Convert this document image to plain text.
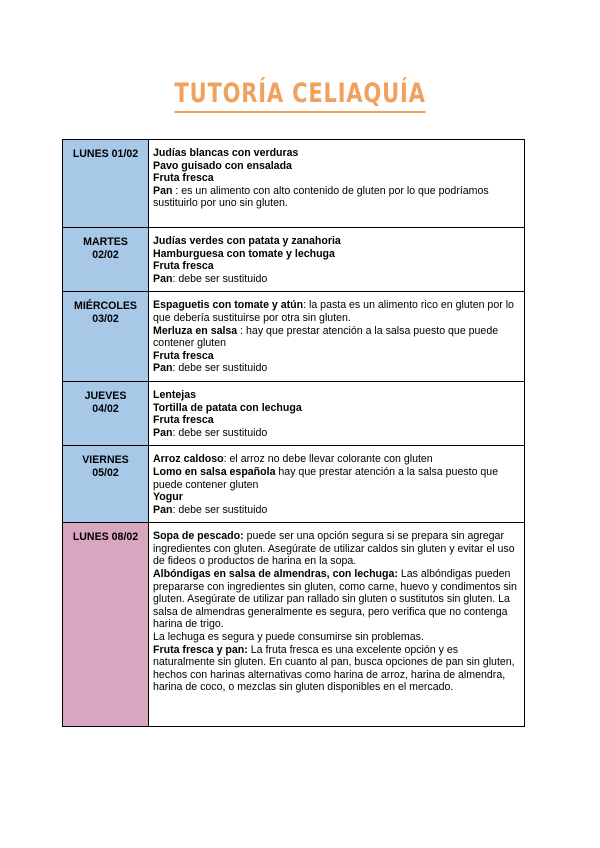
TUTORÍA CELIAQUÍA
LUNES 01/02	Judías blancas con verduras
Pavo guisado con ensalada
Fruta fresca
Pan : es un alimento con alto contenido de gluten por lo que podríamos sustituirlo por uno sin gluten.

MARTES
02/02	Judías verdes con patata y zanahoria
Hamburguesa con tomate y lechuga
Fruta fresca
Pan: debe ser sustituido

MIÉRCOLES
03/02	Espaguetis con tomate y atún: la pasta es un alimento rico en gluten por lo que debería sustituirse por otra sin gluten.
Merluza en salsa : hay que prestar atención a la salsa puesto que puede contener gluten
Fruta fresca
Pan: debe ser sustituido

JUEVES
04/02	Lentejas
Tortilla de patata con lechuga
Fruta fresca
Pan: debe ser sustituido

VIERNES
05/02	Arroz caldoso: el arroz no debe llevar colorante con gluten
Lomo en salsa española hay que prestar atención a la salsa puesto que puede contener gluten
Yogur
Pan: debe ser sustituido

LUNES 08/02	Sopa de pescado: puede ser una opción segura si se prepara sin agregar ingredientes con gluten. Asegúrate de utilizar caldos sin gluten y evitar el uso de fideos o productos de harina en la sopa.
Albóndigas en salsa de almendras, con lechuga: Las albóndigas pueden prepararse con ingredientes sin gluten, como carne, huevo y condimentos sin gluten. Asegúrate de utilizar pan rallado sin gluten o sustitutos sin gluten. La salsa de almendras generalmente es segura, pero verifica que no contenga harina de trigo.
La lechuga es segura y puede consumirse sin problemas.
Fruta fresca y pan: La fruta fresca es una excelente opción y es naturalmente sin gluten. En cuanto al pan, busca opciones de pan sin gluten, hechos con harinas alternativas como harina de arroz, harina de almendra, harina de coco, o mezclas sin gluten disponibles en el mercado.
